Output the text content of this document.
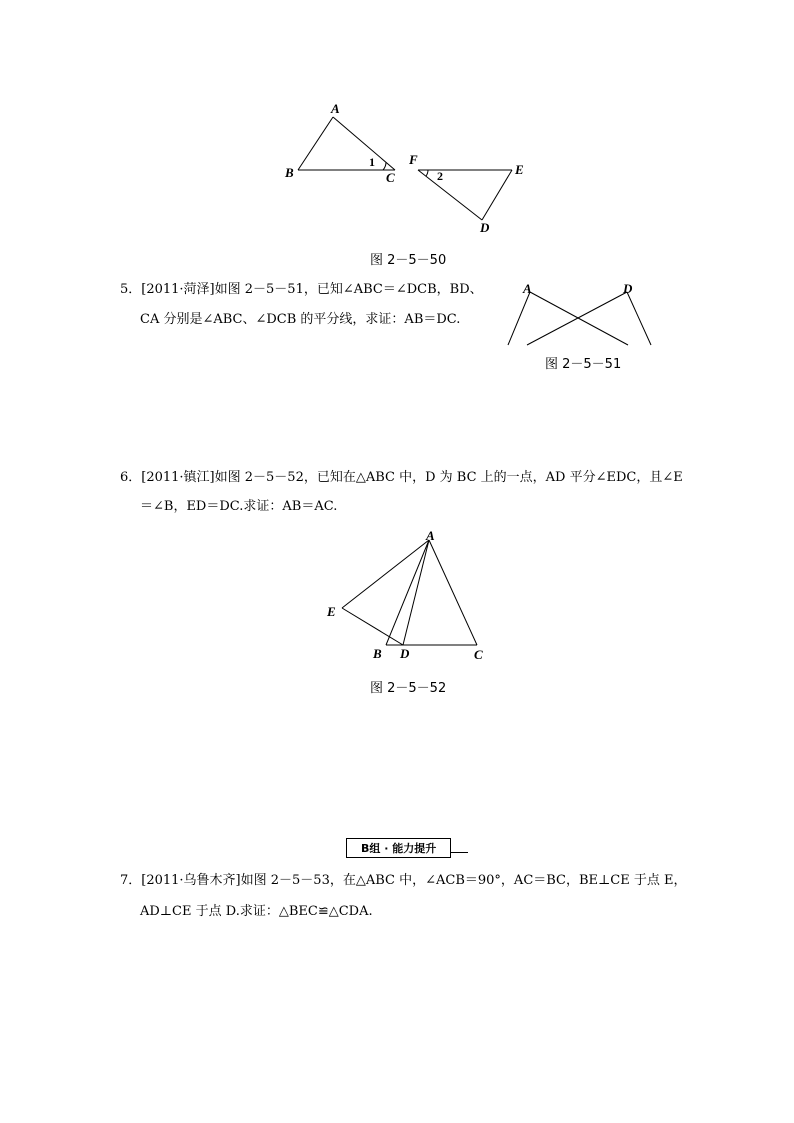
A
B	C
F
E
D
1
2
图 2－5－50
5．[2011·菏泽]如图 2－5－51，已知∠ABC＝∠DCB，BD、
CA 分别是∠ABC、∠DCB 的平分线，求证：AB＝DC.
A	D
图 2－5－51
6．[2011·镇江]如图 2－5－52，已知在△ABC 中，D 为 BC 上的一点，AD 平分∠EDC，且∠E
＝∠B，ED＝DC.求证：AB＝AC.
A
E
B D	C
图 2－5－52
B组 · 能力提升
7．[2011·乌鲁木齐]如图 2－5－53，在△ABC 中，∠ACB＝90°，AC＝BC，BE⊥CE 于点 E，
AD⊥CE 于点 D.求证：△BEC≌△CDA.
